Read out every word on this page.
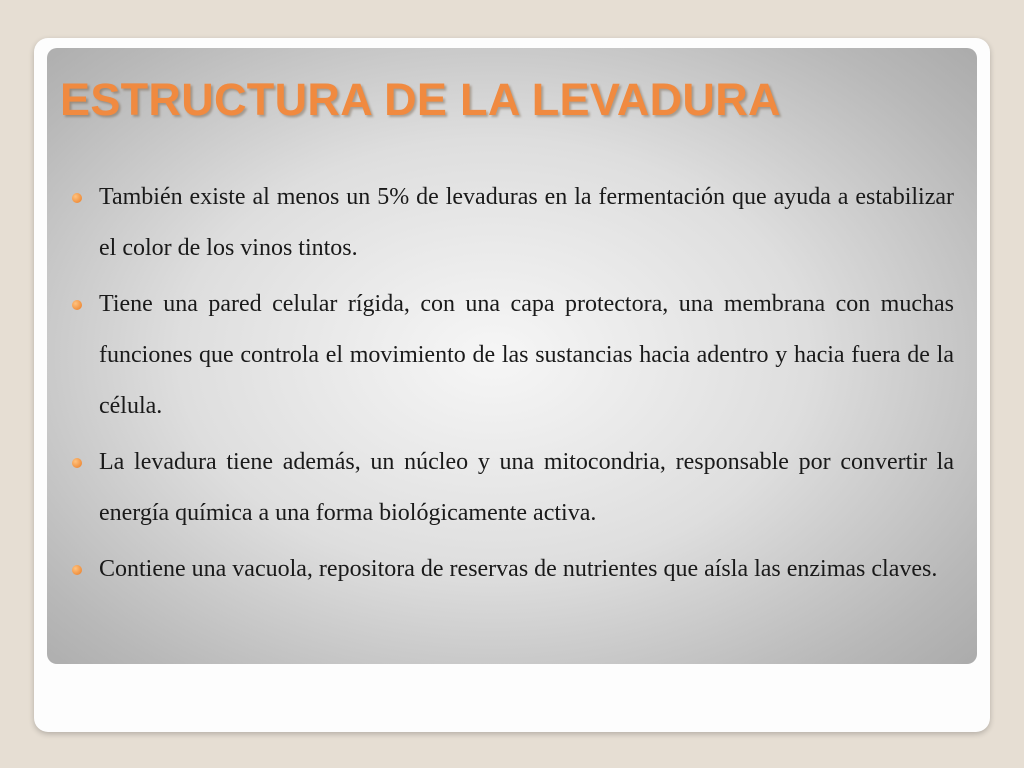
ESTRUCTURA DE LA LEVADURA
También existe al menos un 5% de levaduras en la fermentación que ayuda a estabilizar el color de los vinos tintos.
Tiene una pared celular rígida, con una capa protectora, una membrana con muchas funciones que controla el movimiento de las sustancias hacia adentro y hacia fuera de la célula.
La levadura tiene además, un núcleo y una mitocondria, responsable por convertir la energía química a una forma biológicamente activa.
Contiene una vacuola, repositora de reservas de nutrientes que aísla las enzimas claves.
